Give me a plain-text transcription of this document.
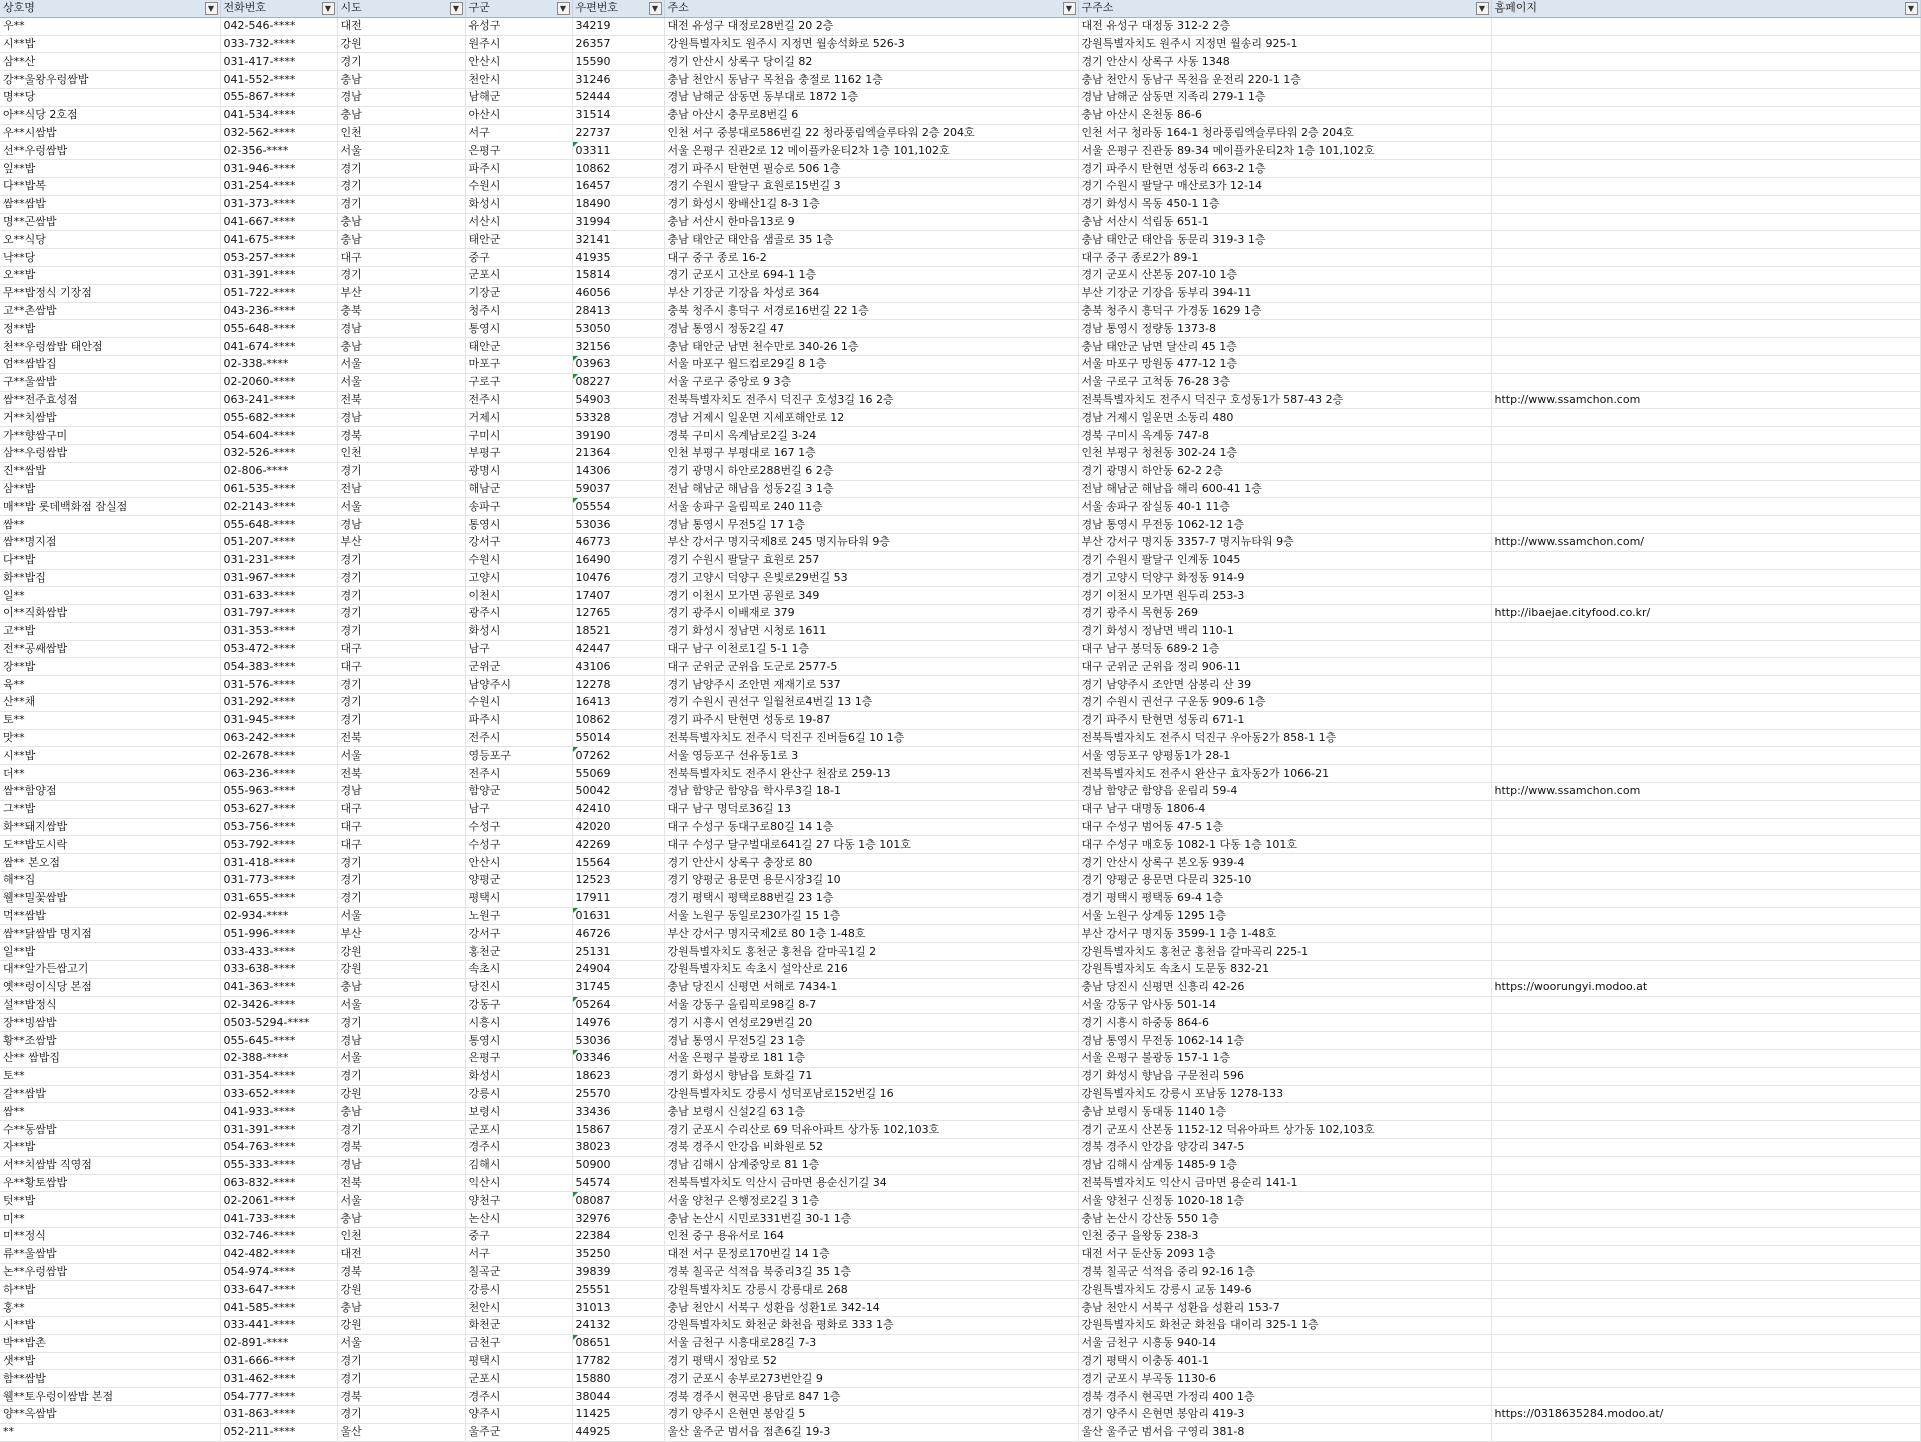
상호명 ▼	전화번호 ▼	시도 ▼	구군 ▼	우편번호 ▼	주소 ▼	구주소 ▼	홈페이지 ▼

우**	042-546-****	대전	유성구	34219	대전 유성구 대정로28번길 20 2층	대전 유성구 대정동 312-2 2층	
시**밥	033-732-****	강원	원주시	26357	강원특별자치도 원주시 지정면 월송석화로 526-3	강원특별자치도 원주시 지정면 월송리 925-1	
삼**산	031-417-****	경기	안산시	15590	경기 안산시 상록구 당이길 82	경기 안산시 상록구 사동 1348	
강**울왕우렁쌈밥	041-552-****	충남	천안시	31246	충남 천안시 동남구 목천읍 충절로 1162 1층	충남 천안시 동남구 목천읍 운전리 220-1 1층	
명**당	055-867-****	경남	남해군	52444	경남 남해군 삼동면 동부대로 1872 1층	경남 남해군 삼동면 지족리 279-1 1층	
아**식당 2호점	041-534-****	충남	아산시	31514	충남 아산시 충무로8번길 6	충남 아산시 온천동 86-6	
우**시쌈밥	032-562-****	인천	서구	22737	인천 서구 중봉대로586번길 22 청라풍림엑슬루타워 2층 204호	인천 서구 청라동 164-1 청라풍림엑슬루타워 2층 204호	
선**우렁쌈밥	02-356-****	서울	은평구	03311	서울 은평구 진관2로 12 메이플카운티2차 1층 101,102호	서울 은평구 진관동 89-34 메이플카운티2차 1층 101,102호	
잎**밥	031-946-****	경기	파주시	10862	경기 파주시 탄현면 필승로 506 1층	경기 파주시 탄현면 성동리 663-2 1층	
다**밥복	031-254-****	경기	수원시	16457	경기 수원시 팔달구 효원로15번길 3	경기 수원시 팔달구 매산로3가 12-14	
쌈**쌈밥	031-373-****	경기	화성시	18490	경기 화성시 왕배산1길 8-3 1층	경기 화성시 목동 450-1 1층	
명**곤쌈밥	041-667-****	충남	서산시	31994	충남 서산시 한마음13로 9	충남 서산시 석림동 651-1	
오**식당	041-675-****	충남	태안군	32141	충남 태안군 태안읍 샘골로 35 1층	충남 태안군 태안읍 동문리 319-3 1층	
낙**당	053-257-****	대구	중구	41935	대구 중구 종로 16-2	대구 중구 종로2가 89-1	
오**밥	031-391-****	경기	군포시	15814	경기 군포시 고산로 694-1 1층	경기 군포시 산본동 207-10 1층	
무**밥정식 기장점	051-722-****	부산	기장군	46056	부산 기장군 기장읍 차성로 364	부산 기장군 기장읍 동부리 394-11	
고**촌쌈밥	043-236-****	충북	청주시	28413	충북 청주시 흥덕구 서경로16번길 22 1층	충북 청주시 흥덕구 가경동 1629 1층	
정**밥	055-648-****	경남	통영시	53050	경남 통영시 정동2길 47	경남 통영시 정량동 1373-8	
천**우렁쌈밥 태안점	041-674-****	충남	태안군	32156	충남 태안군 남면 천수만로 340-26 1층	충남 태안군 남면 달산리 45 1층	
엄**쌈밥집	02-338-****	서울	마포구	03963	서울 마포구 월드컵로29길 8 1층	서울 마포구 망원동 477-12 1층	
구**울쌈밥	02-2060-****	서울	구로구	08227	서울 구로구 중앙로 9 3층	서울 구로구 고척동 76-28 3층	
쌈**전주효성점	063-241-****	전북	전주시	54903	전북특별자치도 전주시 덕진구 호성3길 16 2층	전북특별자치도 전주시 덕진구 호성동1가 587-43 2층	http://www.ssamchon.com
거**치쌈밥	055-682-****	경남	거제시	53328	경남 거제시 일운면 지세포해안로 12	경남 거제시 일운면 소동리 480	
가**향쌈구미	054-604-****	경북	구미시	39190	경북 구미시 옥계남로2길 3-24	경북 구미시 옥계동 747-8	
삼**우렁쌈밥	032-526-****	인천	부평구	21364	인천 부평구 부평대로 167 1층	인천 부평구 청천동 302-24 1층	
진**쌈밥	02-806-****	경기	광명시	14306	경기 광명시 하안로288번길 6 2층	경기 광명시 하안동 62-2 2층	
삼**밥	061-535-****	전남	해남군	59037	전남 해남군 해남읍 성동2길 3 1층	전남 해남군 해남읍 해리 600-41 1층	
매**밥 롯데백화점 잠실점	02-2143-****	서울	송파구	05554	서울 송파구 올림픽로 240 11층	서울 송파구 잠실동 40-1 11층	
쌈**	055-648-****	경남	통영시	53036	경남 통영시 무전5길 17 1층	경남 통영시 무전동 1062-12 1층	
쌈**명지점	051-207-****	부산	강서구	46773	부산 강서구 명지국제8로 245 명지뉴타워 9층	부산 강서구 명지동 3357-7 명지뉴타워 9층	http://www.ssamchon.com/
다**밥	031-231-****	경기	수원시	16490	경기 수원시 팔달구 효원로 257	경기 수원시 팔달구 인계동 1045	
화**밥집	031-967-****	경기	고양시	10476	경기 고양시 덕양구 은빛로29번길 53	경기 고양시 덕양구 화정동 914-9	
일**	031-633-****	경기	이천시	17407	경기 이천시 모가면 공원로 349	경기 이천시 모가면 원두리 253-3	
이**직화쌈밥	031-797-****	경기	광주시	12765	경기 광주시 이배재로 379	경기 광주시 목현동 269	http://ibaejae.cityfood.co.kr/
고**밥	031-353-****	경기	화성시	18521	경기 화성시 정남면 시청로 1611	경기 화성시 정남면 백리 110-1	
전**공쌔쌈밥	053-472-****	대구	남구	42447	대구 남구 이천로1길 5-1 1층	대구 남구 봉덕동 689-2 1층	
장**밥	054-383-****	대구	군위군	43106	대구 군위군 군위읍 도군로 2577-5	대구 군위군 군위읍 정리 906-11	
육**	031-576-****	경기	남양주시	12278	경기 남양주시 조안면 재재기로 537	경기 남양주시 조안면 삼봉리 산 39	
산**채	031-292-****	경기	수원시	16413	경기 수원시 권선구 일월천로4번길 13 1층	경기 수원시 권선구 구운동 909-6 1층	
토**	031-945-****	경기	파주시	10862	경기 파주시 탄현면 성동로 19-87	경기 파주시 탄현면 성동리 671-1	
맛**	063-242-****	전북	전주시	55014	전북특별자치도 전주시 덕진구 진버들6길 10 1층	전북특별자치도 전주시 덕진구 우아동2가 858-1 1층	
시**밥	02-2678-****	서울	영등포구	07262	서울 영등포구 선유동1로 3	서울 영등포구 양평동1가 28-1	
더**	063-236-****	전북	전주시	55069	전북특별자치도 전주시 완산구 천잠로 259-13	전북특별자치도 전주시 완산구 효자동2가 1066-21	
쌈**함양점	055-963-****	경남	함양군	50042	경남 함양군 함양읍 학사루3길 18-1	경남 함양군 함양읍 운림리 59-4	http://www.ssamchon.com
그**밥	053-627-****	대구	남구	42410	대구 남구 명덕로36길 13	대구 남구 대명동 1806-4	
화**돼지쌈밥	053-756-****	대구	수성구	42020	대구 수성구 동대구로80길 14 1층	대구 수성구 범어동 47-5 1층	
도**밥도시락	053-792-****	대구	수성구	42269	대구 수성구 달구벌대로641길 27 다동 1층 101호	대구 수성구 매호동 1082-1 다동 1층 101호	
쌈** 본오점	031-418-****	경기	안산시	15564	경기 안산시 상록구 충장로 80	경기 안산시 상록구 본오동 939-4	
해**집	031-773-****	경기	양평군	12523	경기 양평군 용문면 용문시장3길 10	경기 양평군 용문면 다문리 325-10	
웰**밀꽃쌈밥	031-655-****	경기	평택시	17911	경기 평택시 평택로88번길 23 1층	경기 평택시 평택동 69-4 1층	
먹**쌈밥	02-934-****	서울	노원구	01631	서울 노원구 동일로230가길 15 1층	서울 노원구 상계동 1295 1층	
쌈**닭쌈밥 명지점	051-996-****	부산	강서구	46726	부산 강서구 명지국제2로 80 1층 1-48호	부산 강서구 명지동 3599-1 1층 1-48호	
일**밥	033-433-****	강원	홍천군	25131	강원특별자치도 홍천군 홍천읍 갈마곡1길 2	강원특별자치도 홍천군 홍천읍 갈마곡리 225-1	
대**알가든쌈고기	033-638-****	강원	속초시	24904	강원특별자치도 속초시 설악산로 216	강원특별자치도 속초시 도문동 832-21	
옛**렁이식당 본점	041-363-****	충남	당진시	31745	충남 당진시 신평면 서해로 7434-1	충남 당진시 신평면 신흥리 42-26	https://woorungyi.modoo.at
설**밥정식	02-3426-****	서울	강동구	05264	서울 강동구 올림픽로98길 8-7	서울 강동구 암사동 501-14	
장**빙쌈밥	0503-5294-****	경기	시흥시	14976	경기 시흥시 연성로29번길 20	경기 시흥시 하중동 864-6	
황**조쌈밥	055-645-****	경남	통영시	53036	경남 통영시 무전5길 23 1층	경남 통영시 무전동 1062-14 1층	
산** 쌈밥집	02-388-****	서울	은평구	03346	서울 은평구 불광로 181 1층	서울 은평구 불광동 157-1 1층	
토**	031-354-****	경기	화성시	18623	경기 화성시 향남읍 토화길 71	경기 화성시 향남읍 구문천리 596	
갈**쌈밥	033-652-****	강원	강릉시	25570	강원특별자치도 강릉시 성덕포남로152번길 16	강원특별자치도 강릉시 포남동 1278-133	
쌈**	041-933-****	충남	보령시	33436	충남 보령시 신설2길 63 1층	충남 보령시 동대동 1140 1층	
수**동쌈밥	031-391-****	경기	군포시	15867	경기 군포시 수리산로 69 덕유아파트 상가동 102,103호	경기 군포시 산본동 1152-12 덕유아파트 상가동 102,103호	
자**밥	054-763-****	경북	경주시	38023	경북 경주시 안강읍 비화원로 52	경북 경주시 안강읍 양강리 347-5	
서**치쌈밥 직영점	055-333-****	경남	김해시	50900	경남 김해시 삼계중앙로 81 1층	경남 김해시 삼계동 1485-9 1층	
우**황토쌈밥	063-832-****	전북	익산시	54574	전북특별자치도 익산시 금마면 용순신기길 34	전북특별자치도 익산시 금마면 용순리 141-1	
텃**밥	02-2061-****	서울	양천구	08087	서울 양천구 은행정로2길 3 1층	서울 양천구 신정동 1020-18 1층	
미**	041-733-****	충남	논산시	32976	충남 논산시 시민로331번길 30-1 1층	충남 논산시 강산동 550 1층	
미**정식	032-746-****	인천	중구	22384	인천 중구 용유서로 164	인천 중구 을왕동 238-3	
류**울쌈밥	042-482-****	대전	서구	35250	대전 서구 문정로170번길 14 1층	대전 서구 둔산동 2093 1층	
논**우렁쌈밥	054-974-****	경북	칠곡군	39839	경북 칠곡군 석적읍 북중리3길 35 1층	경북 칠곡군 석적읍 중리 92-16 1층	
하**밥	033-647-****	강원	강릉시	25551	강원특별자치도 강릉시 강릉대로 268	강원특별자치도 강릉시 교동 149-6	
홍**	041-585-****	충남	천안시	31013	충남 천안시 서북구 성환읍 성환1로 342-14	충남 천안시 서북구 성환읍 성환리 153-7	
시**밥	033-441-****	강원	화천군	24132	강원특별자치도 화천군 화천읍 평화로 333 1층	강원특별자치도 화천군 화천읍 대이리 325-1 1층	
박**밥촌	02-891-****	서울	금천구	08651	서울 금천구 시흥대로28길 7-3	서울 금천구 시흥동 940-14	
샛**밥	031-666-****	경기	평택시	17782	경기 평택시 정암로 52	경기 평택시 이충동 401-1	
함**쌈밥	031-462-****	경기	군포시	15880	경기 군포시 송부로273번안길 9	경기 군포시 부곡동 1130-6	
웰**토우렁이쌈밥 본점	054-777-****	경북	경주시	38044	경북 경주시 현곡면 용담로 847 1층	경북 경주시 현곡면 가정리 400 1층	
양**옥쌈밥	031-863-****	경기	양주시	11425	경기 양주시 은현면 봉암길 5	경기 양주시 은현면 봉암리 419-3	https://0318635284.modoo.at/
**	052-211-****	울산	울주군	44925	울산 울주군 범서읍 점촌6길 19-3	울산 울주군 범서읍 구영리 381-8	
